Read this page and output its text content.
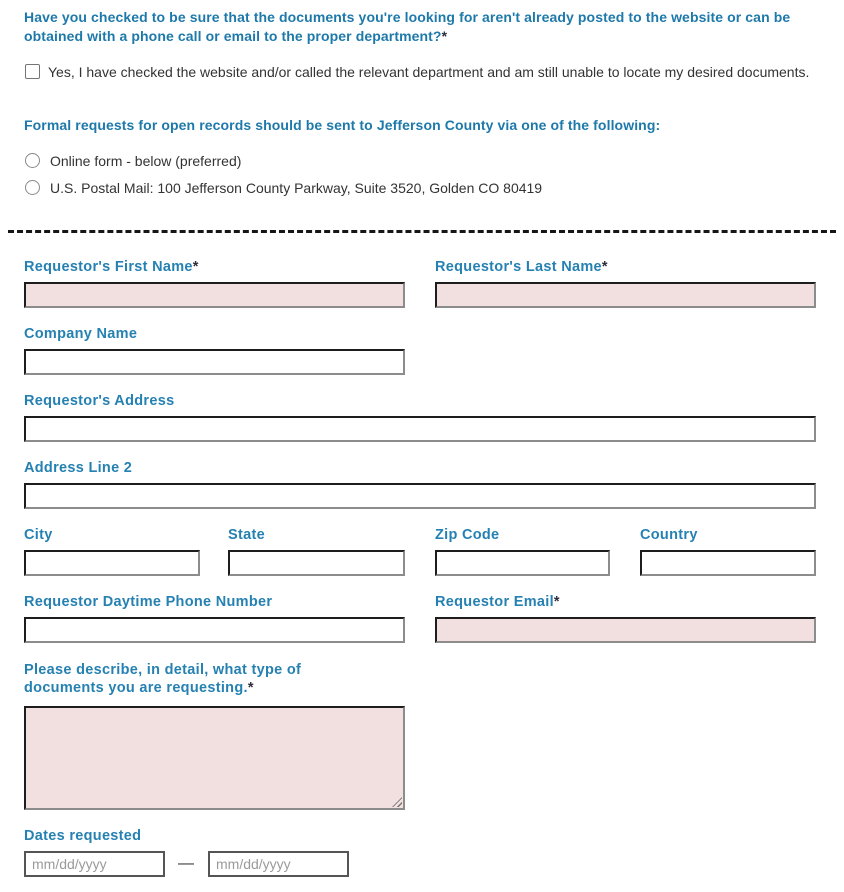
Have you checked to be sure that the documents you're looking for aren't already posted to the website or can be obtained with a phone call or email to the proper department?*
Yes, I have checked the website and/or called the relevant department and am still unable to locate my desired documents.
Formal requests for open records should be sent to Jefferson County via one of the following:
Online form - below (preferred)
U.S. Postal Mail: 100 Jefferson County Parkway, Suite 3520, Golden CO 80419
Requestor's First Name*	Requestor's Last Name*
Company Name
Requestor's Address
Address Line 2
City	State	Zip Code	Country
Requestor Daytime Phone Number	Requestor Email*
Please describe, in detail, what type of documents you are requesting.*
Dates requested
mm/dd/yyyy
—
mm/dd/yyyy
